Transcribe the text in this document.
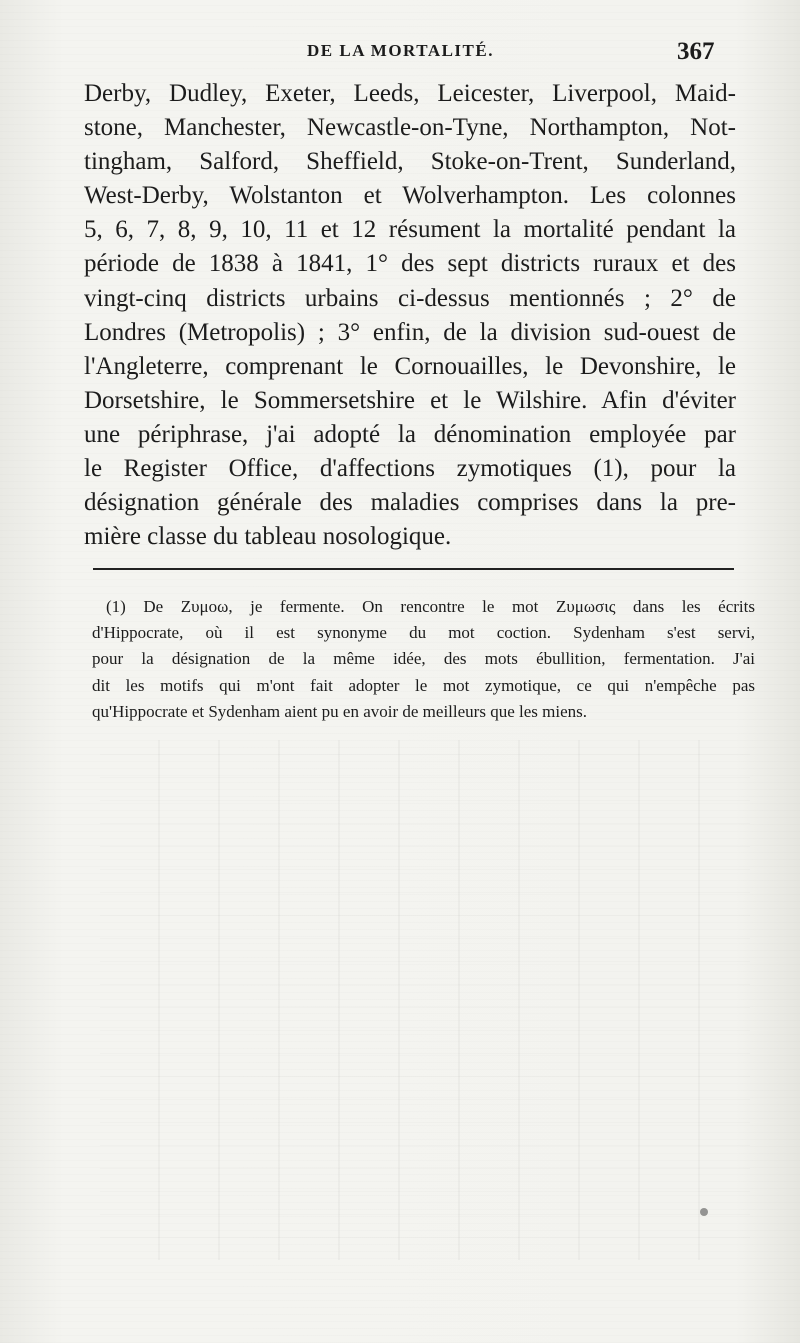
DE LA MORTALITÉ.	367
Derby, Dudley, Exeter, Leeds, Leicester, Liverpool, Maid-
stone, Manchester, Newcastle-on-Tyne, Northampton, Not-
tingham, Salford, Sheffield, Stoke-on-Trent, Sunderland,
West-Derby, Wolstanton et Wolverhampton. Les colonnes
5, 6, 7, 8, 9, 10, 11 et 12 résument la mortalité pendant la
période de 1838 à 1841, 1° des sept districts ruraux et des
vingt-cinq districts urbains ci-dessus mentionnés ; 2° de
Londres (Metropolis) ; 3° enfin, de la division sud-ouest de
l'Angleterre, comprenant le Cornouailles, le Devonshire, le
Dorsetshire, le Sommersetshire et le Wilshire. Afin d'éviter
une périphrase, j'ai adopté la dénomination employée par
le Register Office, d'affections zymotiques (1), pour la
désignation générale des maladies comprises dans la pre-
mière classe du tableau nosologique.
(1) De Ζυμοω, je fermente. On rencontre le mot Ζυμωσις dans les écrits
d'Hippocrate, où il est synonyme du mot coction. Sydenham s'est servi,
pour la désignation de la même idée, des mots ébullition, fermentation. J'ai
dit les motifs qui m'ont fait adopter le mot zymotique, ce qui n'empêche pas
qu'Hippocrate et Sydenham aient pu en avoir de meilleurs que les miens.
